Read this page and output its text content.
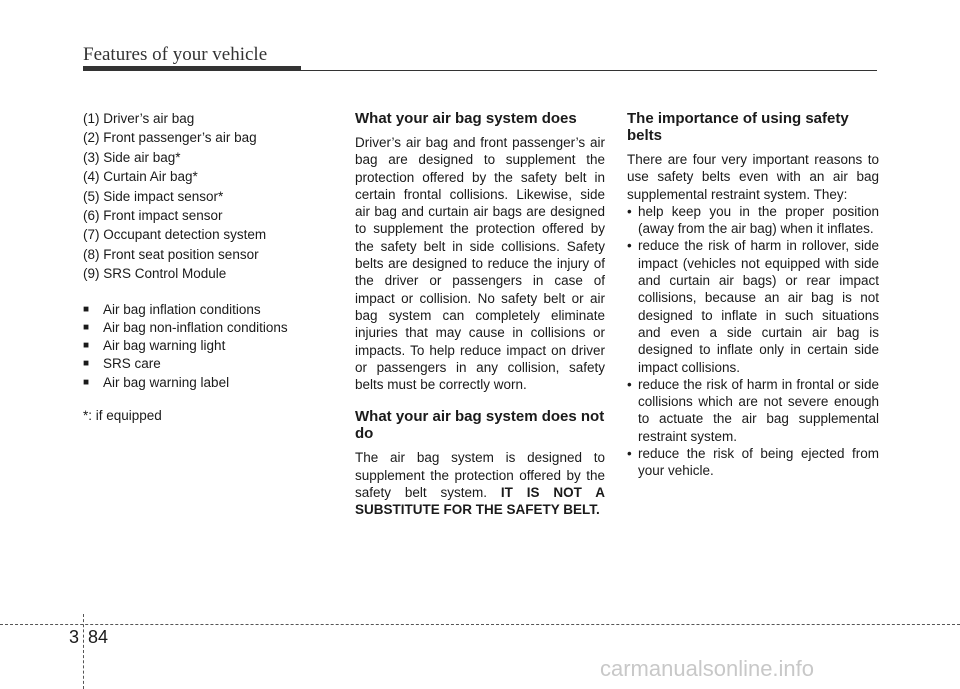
Features of your vehicle
(1) Driver’s air bag
(2) Front passenger’s air bag
(3) Side air bag*
(4) Curtain Air bag*
(5) Side impact sensor*
(6) Front impact sensor
(7) Occupant detection system
(8) Front seat position sensor
(9) SRS Control Module
■	Air bag inflation conditions
■	Air bag non-inflation conditions
■	Air bag warning light
■	SRS care
■	Air bag warning label
*: if equipped
What your air bag system does

Driver’s air bag and front passenger’s air bag are designed to supplement the protection offered by the safety belt in certain frontal collisions. Likewise, side air bag and curtain air bags are designed to supplement the protection offered by the safety belt in side collisions. Safety belts are designed to reduce the injury of the driver or passengers in case of impact or collision. No safety belt or air bag system can completely eliminate injuries that may cause in collisions or impacts. To help reduce impact on driver or passengers in any collision, safety belts must be correctly worn.

What your air bag system does not do

The air bag system is designed to supplement the protection offered by the safety belt system. IT IS NOT A SUBSTITUTE FOR THE SAFETY BELT.

The importance of using safety belts

There are four very important reasons to use safety belts even with an air bag supplemental restraint system. They:

• help keep you in the proper position (away from the air bag) when it inflates.
• reduce the risk of harm in rollover, side impact (vehicles not equipped with side and curtain air bags) or rear impact collisions, because an air bag is not designed to inflate in such situations and even a side curtain air bag is designed to inflate only in certain side impact collisions.
• reduce the risk of harm in frontal or side collisions which are not severe enough to actuate the air bag supplemental restraint system.
• reduce the risk of being ejected from your vehicle.
3 84
carmanualsonline.info
